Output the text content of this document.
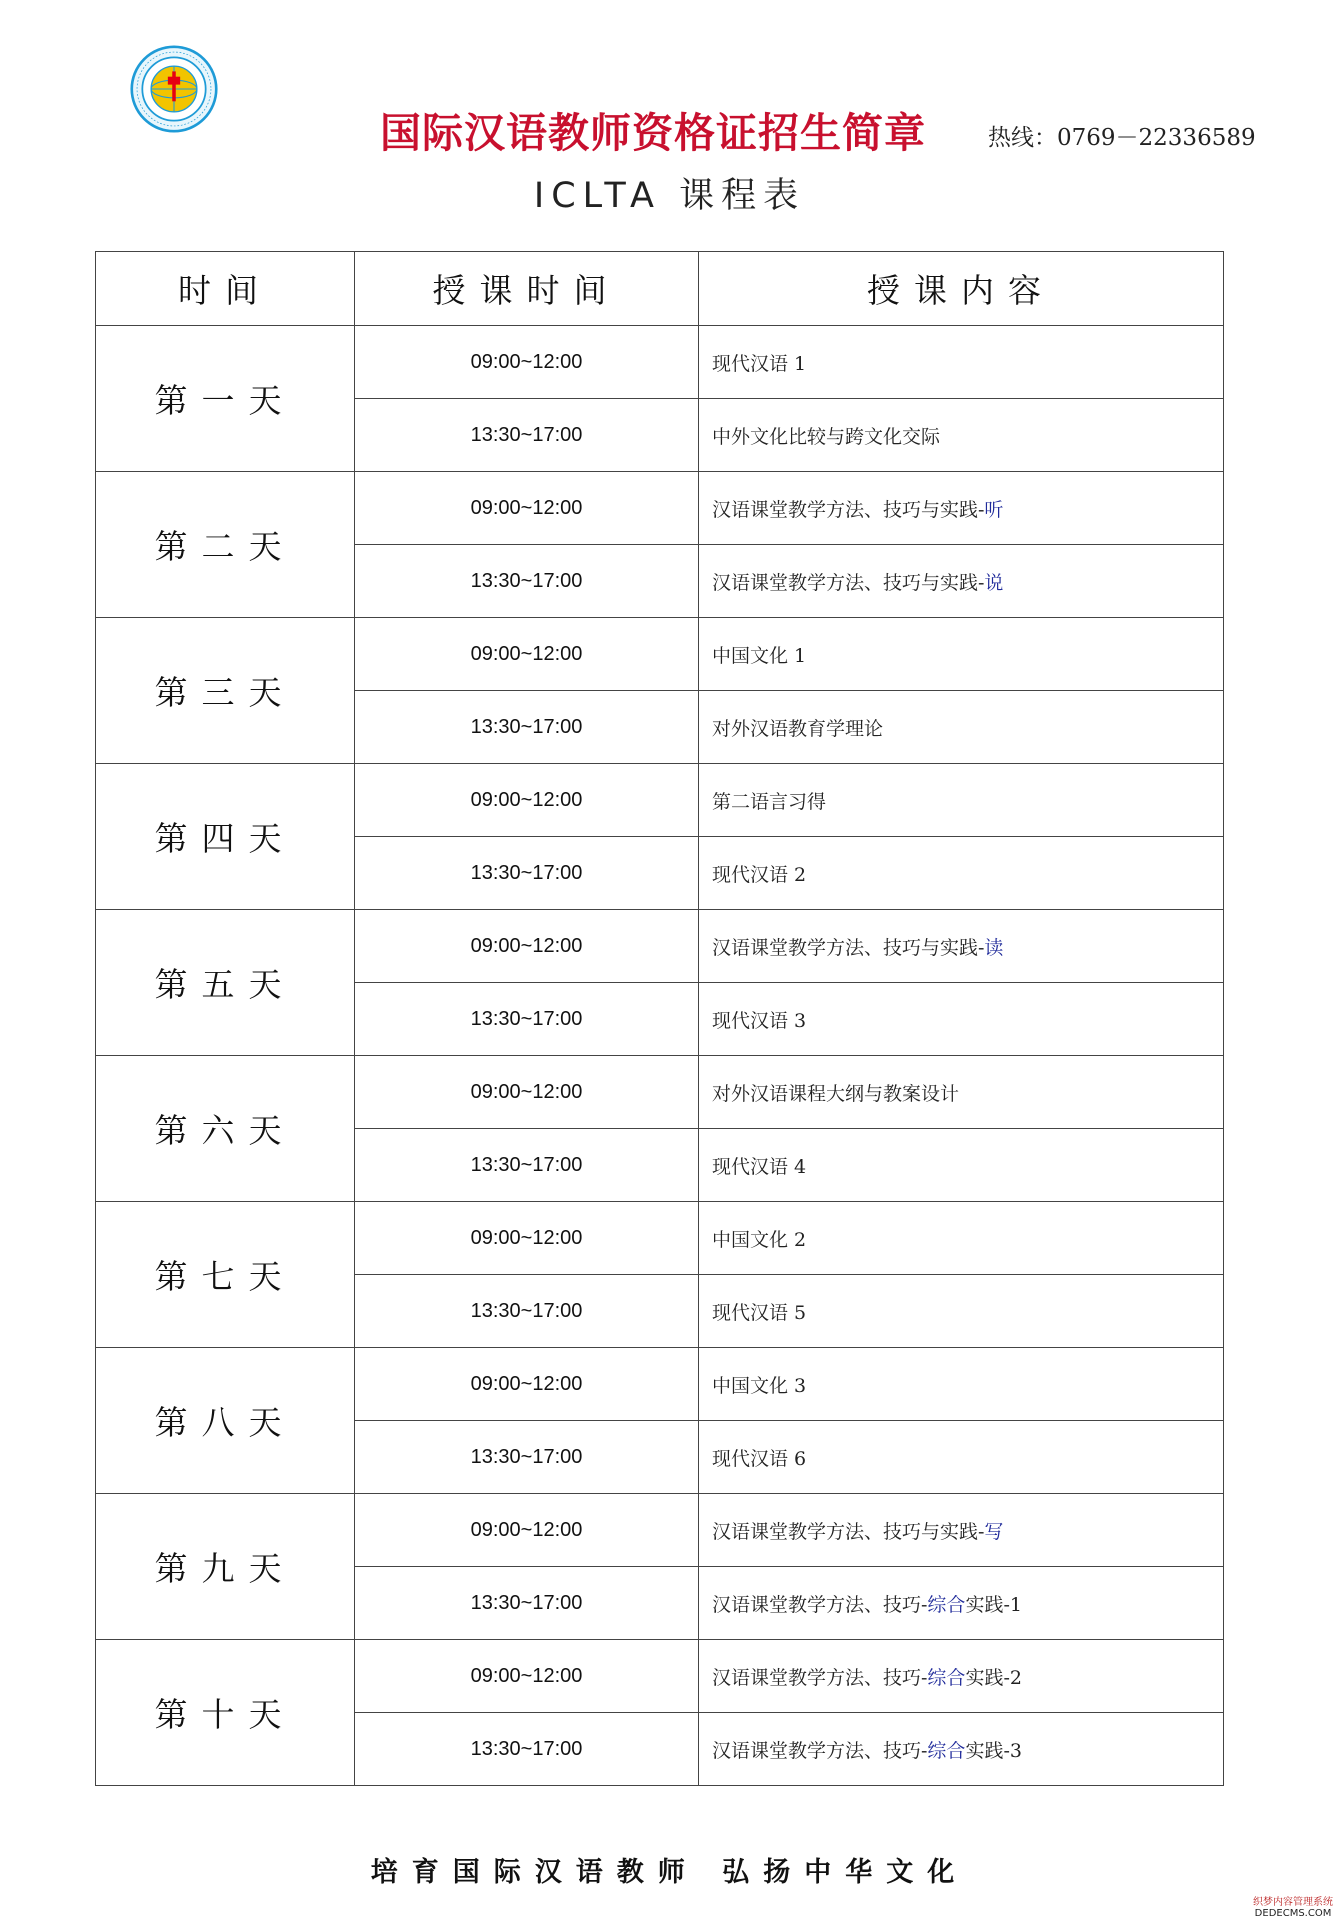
国际汉语教师资格证招生简章	热线：0769－22336589
ICLTA 课程表
时间	授课时间	授课内容
第一天	09:00~12:00	现代汉语 1
	13:30~17:00	中外文化比较与跨文化交际
第二天	09:00~12:00	汉语课堂教学方法、技巧与实践-听
	13:30~17:00	汉语课堂教学方法、技巧与实践-说
第三天	09:00~12:00	中国文化 1
	13:30~17:00	对外汉语教育学理论
第四天	09:00~12:00	第二语言习得
	13:30~17:00	现代汉语 2
第五天	09:00~12:00	汉语课堂教学方法、技巧与实践-读
	13:30~17:00	现代汉语 3
第六天	09:00~12:00	对外汉语课程大纲与教案设计
	13:30~17:00	现代汉语 4
第七天	09:00~12:00	中国文化 2
	13:30~17:00	现代汉语 5
第八天	09:00~12:00	中国文化 3
	13:30~17:00	现代汉语 6
第九天	09:00~12:00	汉语课堂教学方法、技巧与实践-写
	13:30~17:00	汉语课堂教学方法、技巧-综合实践-1
第十天	09:00~12:00	汉语课堂教学方法、技巧-综合实践-2
	13:30~17:00	汉语课堂教学方法、技巧-综合实践-3
培育国际汉语教师 弘扬中华文化
织梦内容管理系统
DEDECMS.COM
